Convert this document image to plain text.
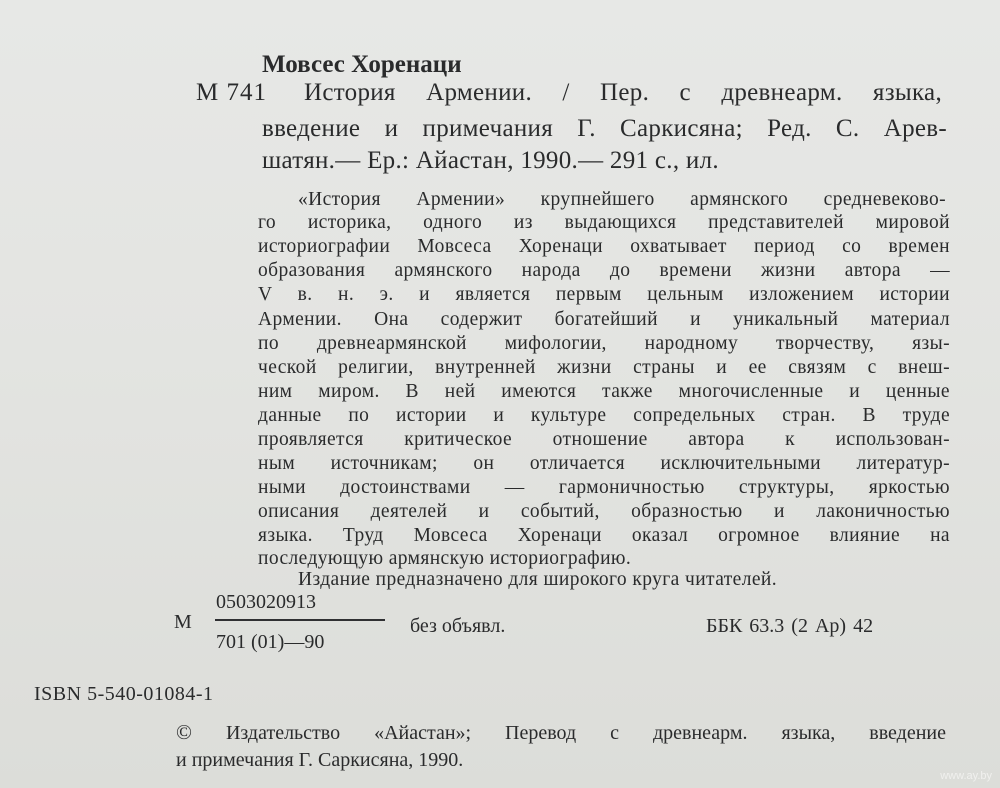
Мовсес Хоренаци
М 741 История Армении. / Пер. с древнеарм. языка,
введение и примечания Г. Саркисяна; Ред. С. Арев-
шатян.— Ер.: Айастан, 1990.— 291 с., ил.
«История Армении» крупнейшего армянского средневеково-
го историка, одного из выдающихся представителей мировой
историографии Мовсеса Хоренаци охватывает период со времен
образования армянского народа до времени жизни автора —
V в. н. э. и является первым цельным изложением истории
Армении. Она содержит богатейший и уникальный материал
по древнеармянской мифологии, народному творчеству, язы-
ческой религии, внутренней жизни страны и ее связям с внеш-
ним миром. В ней имеются также многочисленные и ценные
данные по истории и культуре сопредельных стран. В труде
проявляется критическое отношение автора к использован-
ным источникам; он отличается исключительными литератур-
ными достоинствами — гармоничностью структуры, яркостью
описания деятелей и событий, образностью и лаконичностью
языка. Труд Мовсеса Хоренаци оказал огромное влияние на
последующую армянскую историографию.
Издание предназначено для широкого круга читателей.
М
0503020913
701 (01)—90
без объявл.	ББК 63.3 (2 Ар) 42
ISBN 5-540-01084-1
© Издательство «Айастан»; Перевод с древнеарм. языка, введение
и примечания Г. Саркисяна, 1990.
www.ay.by
